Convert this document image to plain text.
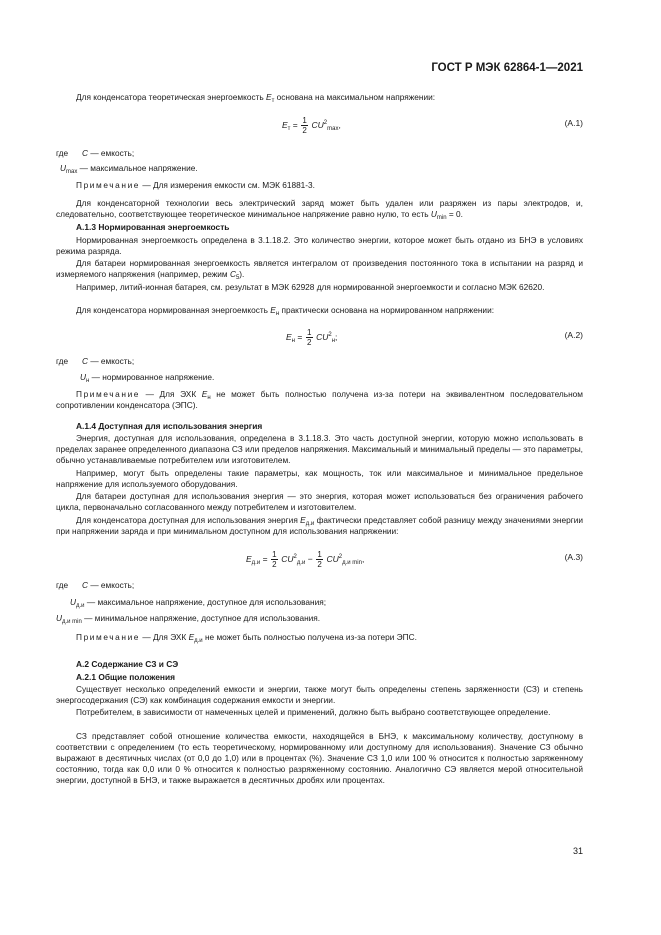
ГОСТ Р МЭК 62864-1—2021
Для конденсатора теоретическая энергоемкость $E_т$ основана на максимальном напряжении:
$E_т = \frac{1}{2} CU^2_{max}$,	(A.1)
где C — емкость;
$U_{max}$ — максимальное напряжение.
Примечание — Для измерения емкости см. МЭК 61881-3.
Для конденсаторной технологии весь электрический заряд может быть удален или разряжен из пары электродов, и, следовательно, соответствующее теоретическое минимальное напряжение равно нулю, то есть $U_{min} = 0$.
А.1.3 Нормированная энергоемкость
Нормированная энергоемкость определена в 3.1.18.2. Это количество энергии, которое может быть отдано из БНЭ в условиях режима разряда.
Для батареи нормированная энергоемкость является интегралом от произведения постоянного тока в испытании на разряд и измеряемого напряжения (например, режим $C_5$).
Например, литий-ионная батарея, см. результат в МЭК 62928 для нормированной энергоемкости и согласно МЭК 62620.
Для конденсатора нормированная энергоемкость $E_н$ практически основана на нормированном напряжении:
$E_н = \frac{1}{2} CU^2_н$;	(A.2)
где C — емкость;
$U_н$ — нормированное напряжение.
Примечание — Для ЭХК $E_н$ не может быть полностью получена из-за потери на эквивалентном последовательном сопротивлении конденсатора (ЭПС).
А.1.4 Доступная для использования энергия
Энергия, доступная для использования, определена в 3.1.18.3. Это часть доступной энергии, которую можно использовать в пределах заранее определенного диапазона СЗ или пределов напряжения. Максимальный и минимальный пределы — это параметры, обычно устанавливаемые потребителем или изготовителем.
Например, могут быть определены такие параметры, как мощность, ток или максимальное и минимальное предельное напряжение для используемого оборудования.
Для батареи доступная для использования энергия — это энергия, которая может использоваться без ограничения рабочего цикла, первоначально согласованного между потребителем и изготовителем.
Для конденсатора доступная для использования энергия $E_{д.и}$ фактически представляет собой разницу между значениями энергии при напряжении заряда и при минимальном доступном для использования напряжении:
$E_{д.и} = \frac{1}{2} CU^2_{д.и} - \frac{1}{2} CU^2_{д.и min}$,	(A.3)
где C — емкость;
$U_{д.и}$ — максимальное напряжение, доступное для использования;
$U_{д.и min}$ — минимальное напряжение, доступное для использования.
Примечание — Для ЭХК $E_{д.и}$ не может быть полностью получена из-за потери ЭПС.
А.2 Содержание СЗ и СЭ
А.2.1 Общие положения
Существует несколько определений емкости и энергии, также могут быть определены степень заряженности (СЗ) и степень энергосодержания (СЭ) как комбинация содержания емкости и энергии.
Потребителем, в зависимости от намеченных целей и применений, должно быть выбрано соответствующее определение.
СЗ представляет собой отношение количества емкости, находящейся в БНЭ, к максимальному количеству, доступному в соответствии с определением (то есть теоретическому, нормированному или доступному для использования). Значение СЗ обычно выражают в десятичных числах (от 0,0 до 1,0) или в процентах (%). Значение СЗ 1,0 или 100 % относится к полностью заряженному состоянию, тогда как 0,0 или 0 % относится к полностью разряженному состоянию. Аналогично СЭ является мерой относительной энергии, доступной в БНЭ, и также выражается в десятичных дробях или процентах.
31
